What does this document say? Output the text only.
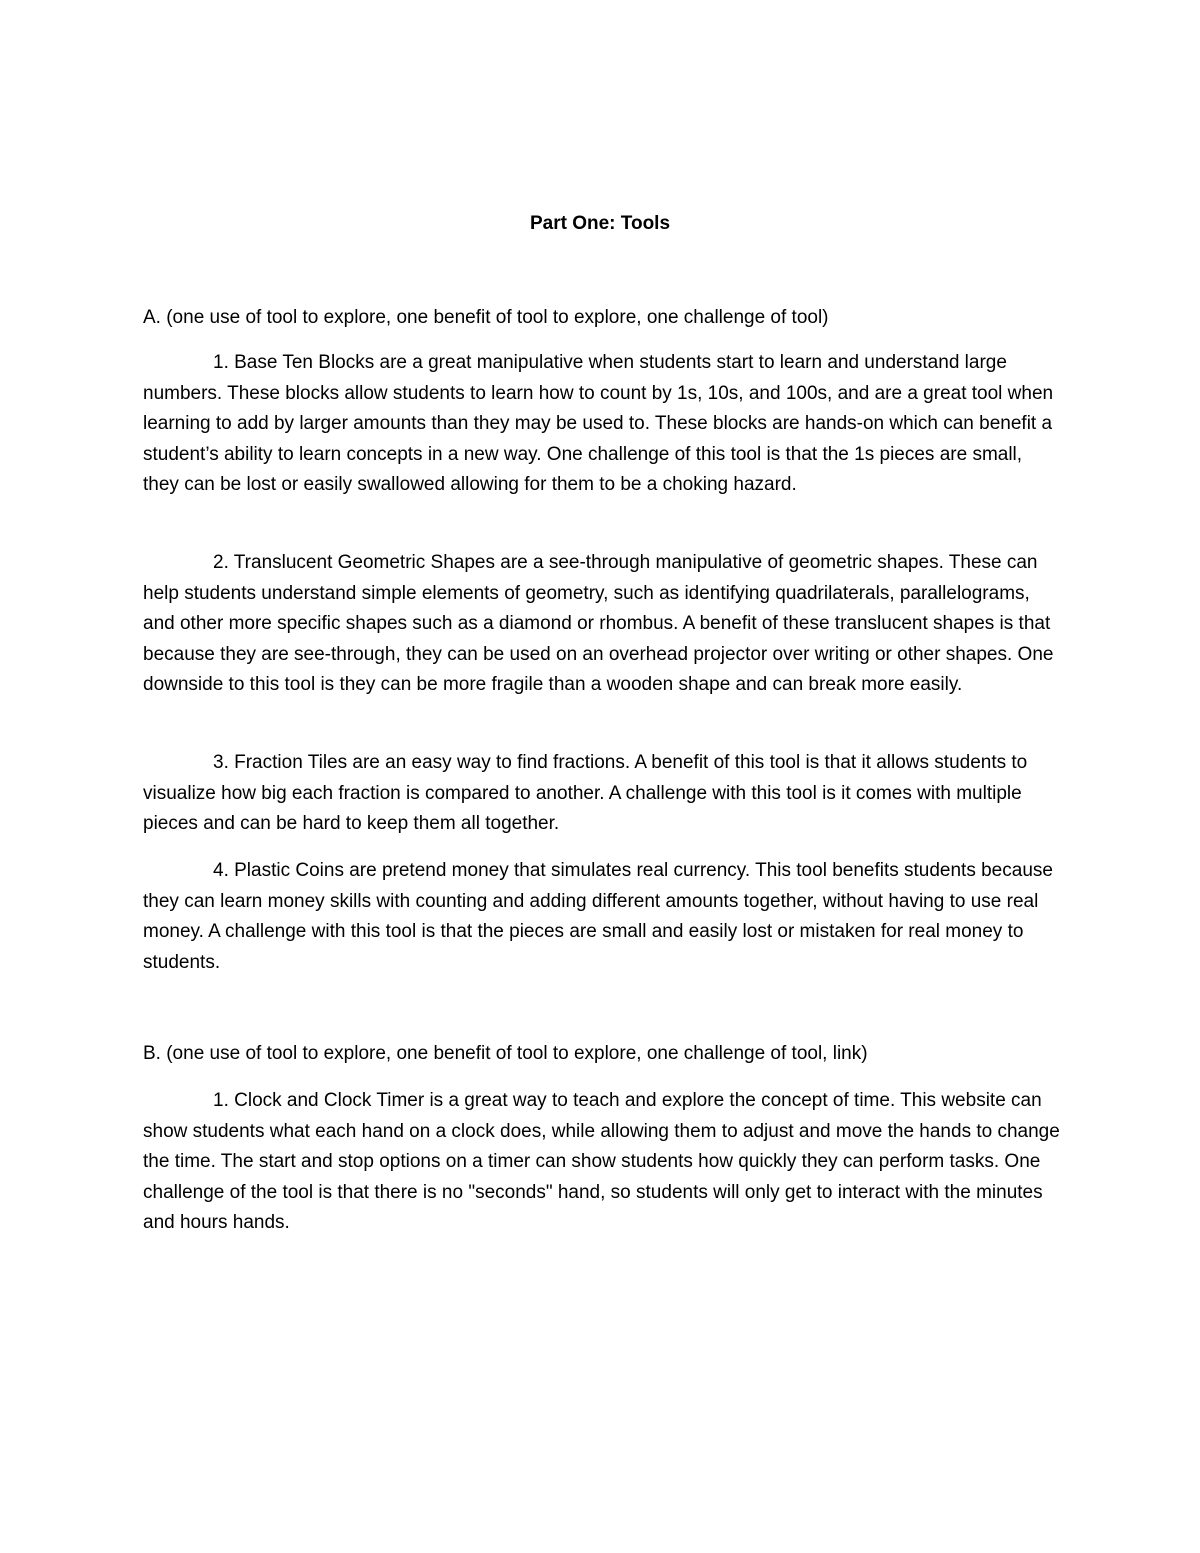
Part One: Tools
A. (one use of tool to explore, one benefit of tool to explore, one challenge of tool)

1. Base Ten Blocks are a great manipulative when students start to learn and understand large numbers. These blocks allow students to learn how to count by 1s, 10s, and 100s, and are a great tool when learning to add by larger amounts than they may be used to. These blocks are hands-on which can benefit a student’s ability to learn concepts in a new way. One challenge of this tool is that the 1s pieces are small, they can be lost or easily swallowed allowing for them to be a choking hazard.

2. Translucent Geometric Shapes are a see-through manipulative of geometric shapes. These can help students understand simple elements of geometry, such as identifying quadrilaterals, parallelograms, and other more specific shapes such as a diamond or rhombus. A benefit of these translucent shapes is that because they are see-through, they can be used on an overhead projector over writing or other shapes. One downside to this tool is they can be more fragile than a wooden shape and can break more easily.

3. Fraction Tiles are an easy way to find fractions. A benefit of this tool is that it allows students to visualize how big each fraction is compared to another. A challenge with this tool is it comes with multiple pieces and can be hard to keep them all together.

4. Plastic Coins are pretend money that simulates real currency. This tool benefits students because they can learn money skills with counting and adding different amounts together, without having to use real money. A challenge with this tool is that the pieces are small and easily lost or mistaken for real money to students.

B. (one use of tool to explore, one benefit of tool to explore, one challenge of tool, link)

1. Clock and Clock Timer is a great way to teach and explore the concept of time. This website can show students what each hand on a clock does, while allowing them to adjust and move the hands to change the time. The start and stop options on a timer can show students how quickly they can perform tasks. One challenge of the tool is that there is no "seconds" hand, so students will only get to interact with the minutes and hours hands.
